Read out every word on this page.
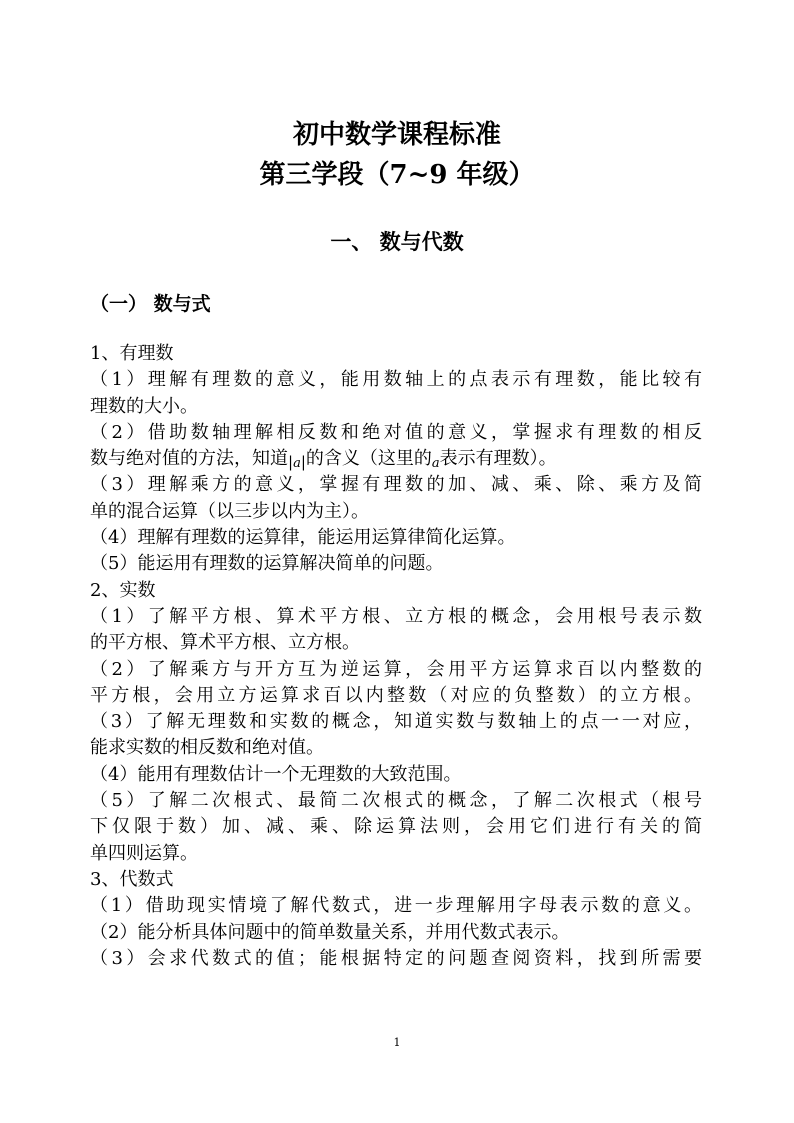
初中数学课程标准
第三学段（7~9 年级）
一、 数与代数
（一） 数与式
1、有理数
（1）理解有理数的意义，能用数轴上的点表示有理数，能比较有
理数的大小。
（2）借助数轴理解相反数和绝对值的意义，掌握求有理数的相反
数与绝对值的方法，知道|a|的含义（这里的a表示有理数）。
（3）理解乘方的意义，掌握有理数的加、减、乘、除、乘方及简
单的混合运算（以三步以内为主）。
（4）理解有理数的运算律，能运用运算律简化运算。
（5）能运用有理数的运算解决简单的问题。
2、实数
（1）了解平方根、算术平方根、立方根的概念，会用根号表示数
的平方根、算术平方根、立方根。
（2）了解乘方与开方互为逆运算，会用平方运算求百以内整数的
平方根，会用立方运算求百以内整数（对应的负整数）的立方根。
（3）了解无理数和实数的概念，知道实数与数轴上的点一一对应，
能求实数的相反数和绝对值。
（4）能用有理数估计一个无理数的大致范围。
（5）了解二次根式、最简二次根式的概念，了解二次根式（根号
下仅限于数）加、减、乘、除运算法则，会用它们进行有关的简
单四则运算。
3、代数式
（1）借助现实情境了解代数式，进一步理解用字母表示数的意义。
（2）能分析具体问题中的简单数量关系，并用代数式表示。
（3）会求代数式的值；能根据特定的问题查阅资料，找到所需要
1
